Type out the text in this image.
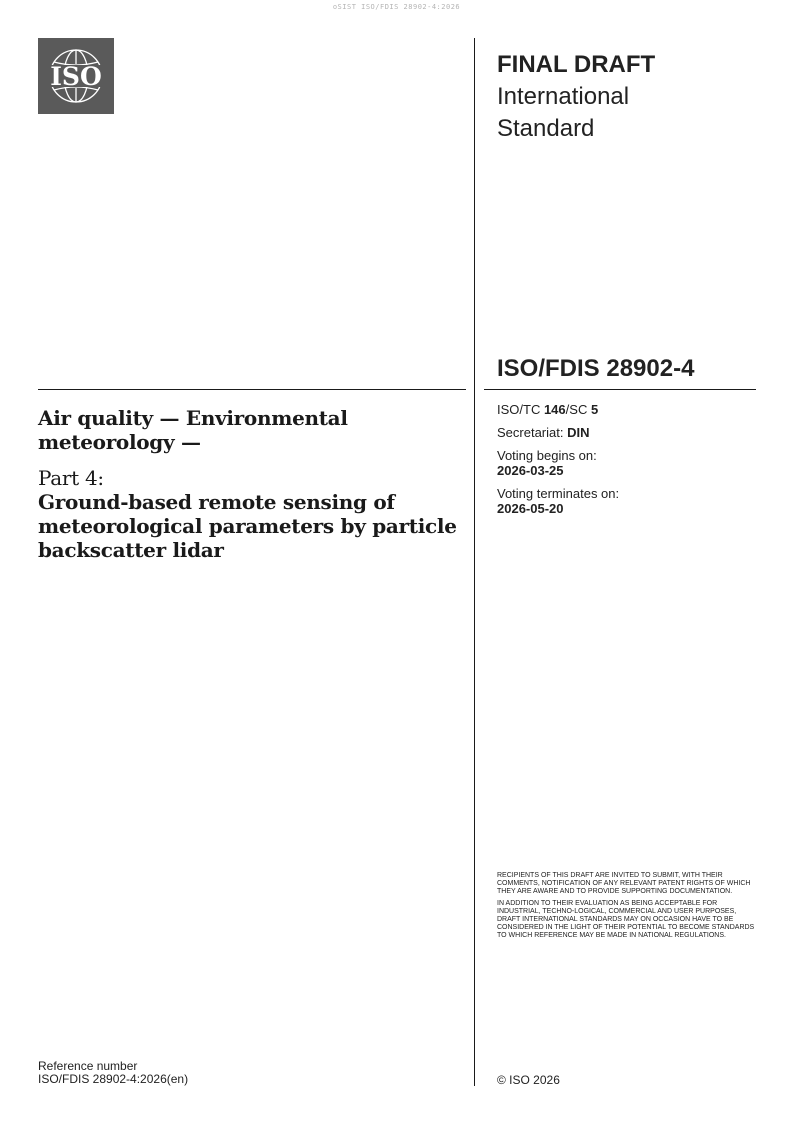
oSIST ISO/FDIS 28902-4:2026
ISO	FINAL DRAFT
International
Standard
ISO/FDIS 28902-4

Air quality — Environmental meteorology —

Part 4:

Ground-based remote sensing of meteorological parameters by particle backscatter lidar

ISO/TC 146/SC 5
Secretariat: DIN
Voting begins on:
2026-03-25
Voting terminates on:
2026-05-20

RECIPIENTS OF THIS DRAFT ARE INVITED TO SUBMIT, WITH THEIR COMMENTS, NOTIFICATION OF ANY RELEVANT PATENT RIGHTS OF WHICH THEY ARE AWARE AND TO PROVIDE SUPPORTING DOCUMENTATION.

IN ADDITION TO THEIR EVALUATION AS BEING ACCEPTABLE FOR INDUSTRIAL, TECHNO-LOGICAL, COMMERCIAL AND USER PURPOSES, DRAFT INTERNATIONAL STANDARDS MAY ON OCCASION HAVE TO BE CONSIDERED IN THE LIGHT OF THEIR POTENTIAL TO BECOME STANDARDS TO WHICH REFERENCE MAY BE MADE IN NATIONAL REGULATIONS.

Reference number
ISO/FDIS 28902-4:2026(en)	© ISO 2026
